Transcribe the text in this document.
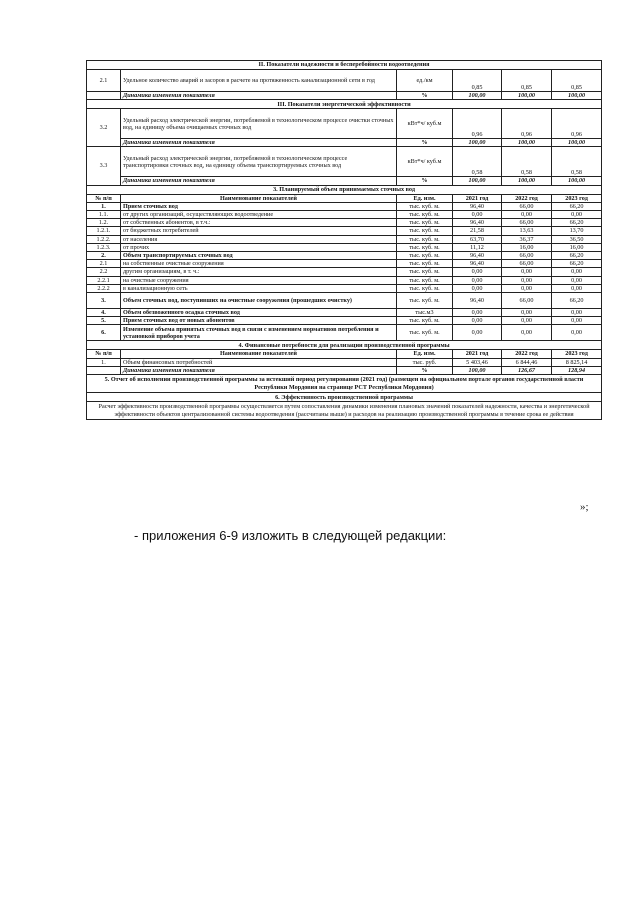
II. Показатели надежности и бесперебойности водоотведения					
2.1	Удельное количество аварий и засоров в расчете на протяженность канализационной сети в год	ед./км	0,85	0,85	0,85
	Динамика изменения показателя	%	100,00	100,00	100,00
III. Показатели энергетической эффективности					
3.2	Удельный расход электрической энергии, потребляемой в технологическом процессе очистки сточных вод, на единицу объема очищаемых сточных вод	кВт*ч/ куб.м	0,96	0,96	0,96
	Динамика изменения показателя	%	100,00	100,00	100,00
3.3	Удельный расход электрической энергии, потребляемой в технологическом процессе транспортировки сточных вод, на единицу объема транспортируемых сточных вод	кВт*ч/ куб.м	0,58	0,58	0,58
	Динамика изменения показателя	%	100,00	100,00	100,00
3. Планируемый объем принимаемых сточных вод					
№ п/п	Наименование показателей	Ед. изм.	2021 год	2022 год	2023 год
1.	Прием сточных вод	тыс. куб. м.	96,40	66,00	66,20
1.1.	от других организаций, осуществляющих водоотведение	тыс. куб. м.	0,00	0,00	0,00
1.2.	от собственных абонентов, в т.ч.:	тыс. куб. м.	96,40	66,00	66,20
1.2.1.	от бюджетных потребителей	тыс. куб. м.	21,58	13,63	13,70
1.2.2.	от населения	тыс. куб. м.	63,70	36,37	36,50
1.2.3.	от прочих	тыс. куб. м.	11,12	16,00	16,00
2.	Объем транспортируемых сточных вод	тыс. куб. м.	96,40	66,00	66,20
2.1	на собственные очистные сооружения	тыс. куб. м.	96,40	66,00	66,20
2.2	другим организациям, в т. ч.:	тыс. куб. м.	0,00	0,00	0,00
2.2.1	на очистные сооружения	тыс. куб. м.	0,00	0,00	0,00
2.2.2	в канализационную сеть	тыс. куб. м.	0,00	0,00	0,00
3.	Объем сточных вод, поступивших на очистные сооружения (прошедших очистку)	тыс. куб. м.	96,40	66,00	66,20
4.	Объем обезвоженного осадка сточных вод	тыс.м3	0,00	0,00	0,00
5.	Прием сточных вод от новых абонентов	тыс. куб. м.	0,00	0,00	0,00
6.	Изменение объема принятых сточных вод в связи с изменением нормативов потребления и установкой приборов учета	тыс. куб. м.	0,00	0,00	0,00
4. Финансовые потребности для реализации производственной программы					
№ п/п	Наименование показателей	Ед. изм.	2021 год	2022 год	2023 год
1.	Объем финансовых потребностей	тыс. руб.	5 403,46	6 844,46	8 825,14
	Динамика изменения показателя	%	100,00	126,67	128,94
5. Отчет об исполнении производственной программы за истекший период регулирования (2021 год) (размещен на официальном портале органов государственной власти Республики Мордовия на странице РСТ Республики Мордовия)					
6. Эффективность производственной программы					
Расчет эффективности производственной программы осуществляется путем сопоставления динамики изменения плановых значений показателей надежности, качества и энергетической эффективности объектов централизованной системы водоотведения (рассчитаны выше) и расходов на реализацию производственной программы в течение срока ее действия					
»;
- приложения 6-9 изложить в следующей редакции:
